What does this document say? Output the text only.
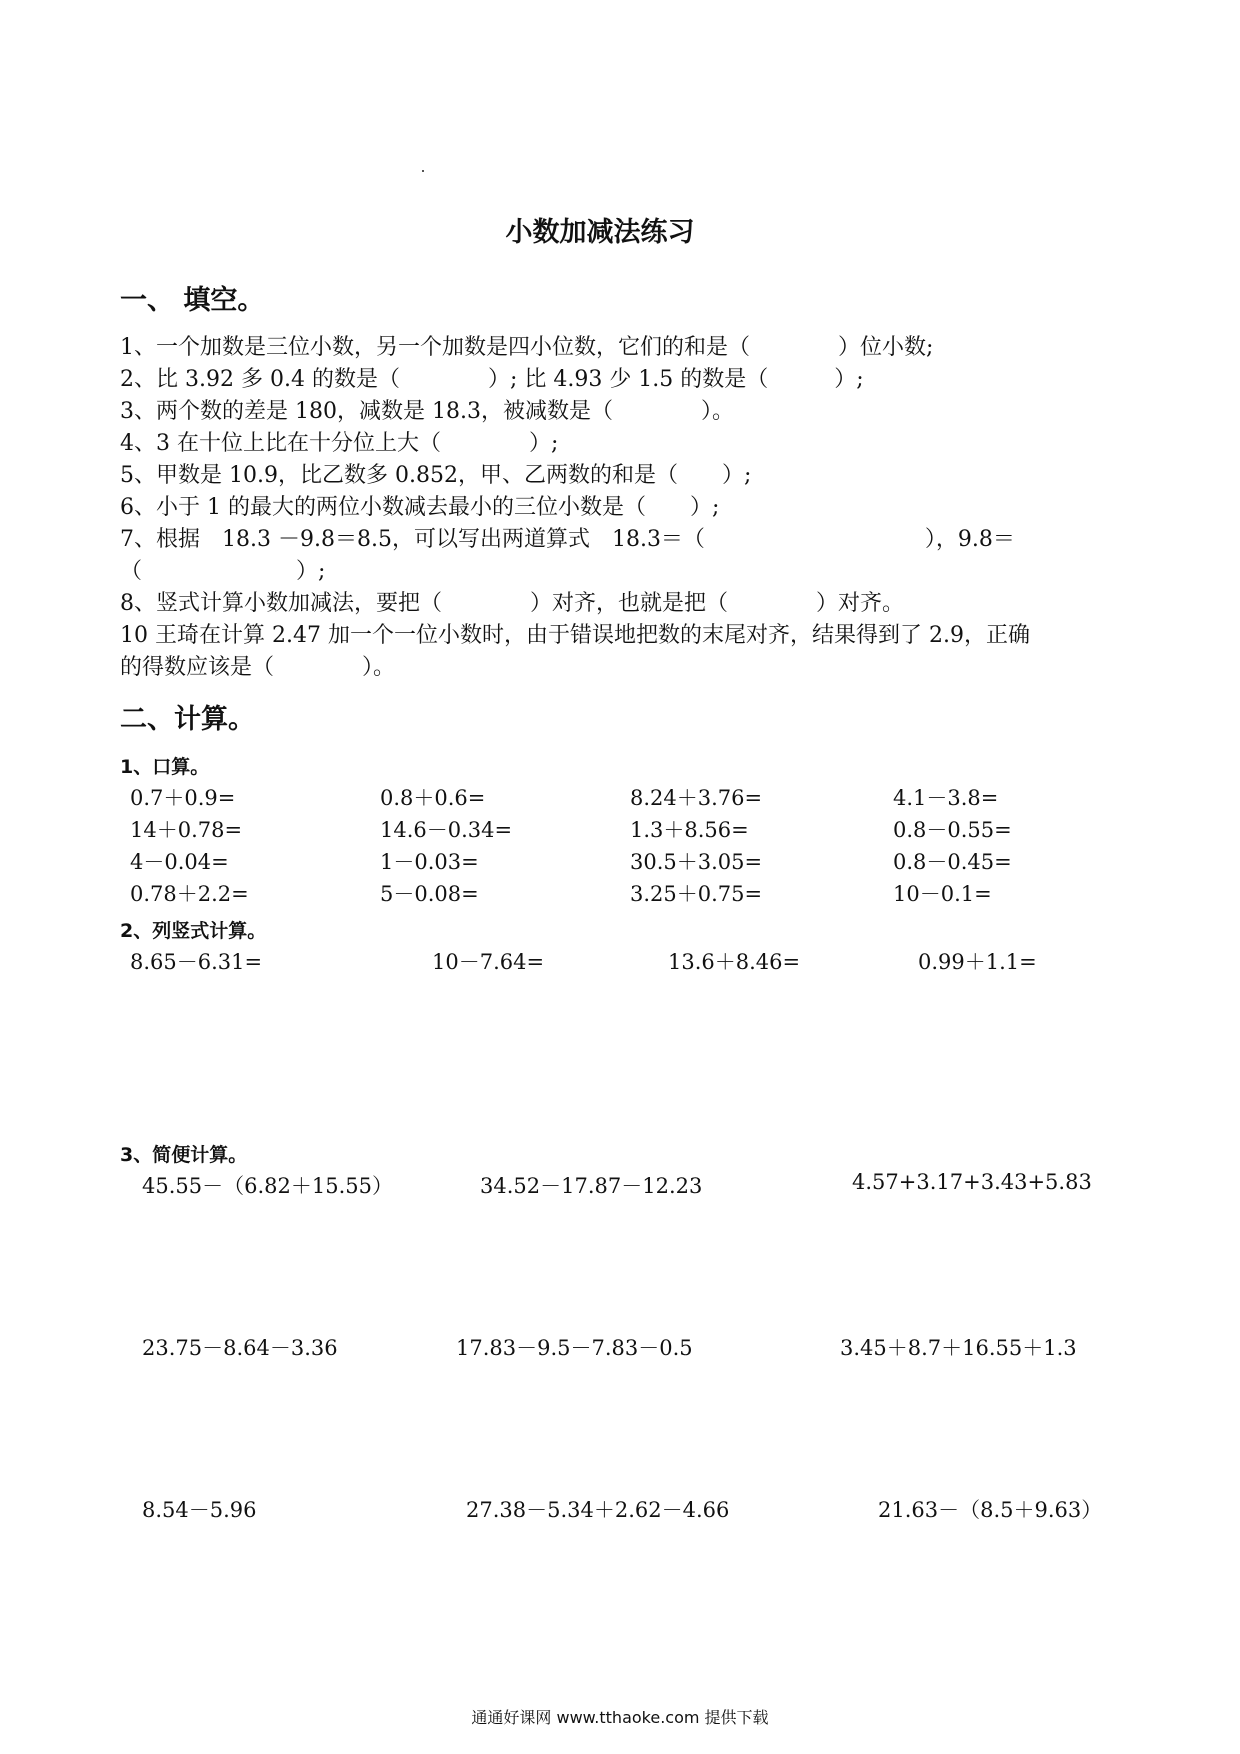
小数加减法练习
一、 填空。
1、一个加数是三位小数，另一个加数是四小位数，它们的和是（　　　　）位小数;
2、比 3.92 多 0.4 的数是（　　　　）; 比 4.93 少 1.5 的数是（　　　）;
3、两个数的差是 180，减数是 18.3，被减数是（　　　　）。
4、3 在十位上比在十分位上大（　　　　）;
5、甲数是 10.9，比乙数多 0.852，甲、乙两数的和是（　　）;
6、小于 1 的最大的两位小数减去最小的三位小数是（　　）;
7、根据　18.3 －9.8＝8.5，可以写出两道算式　18.3＝（　　　　　　　　　　），9.8＝
（　　　　　　　）;
8、竖式计算小数加减法，要把（　　　　）对齐，也就是把（　　　　）对齐。
10 王琦在计算 2.47 加一个一位小数时，由于错误地把数的末尾对齐，结果得到了 2.9，正确
的得数应该是（　　　　）。
二、计算。
1、口算。
0.7＋0.9=	0.8＋0.6=	8.24＋3.76=	4.1－3.8=
14＋0.78=	14.6－0.34=	1.3＋8.56=	0.8－0.55=
4－0.04=	1－0.03=	30.5＋3.05=	0.8－0.45=
0.78＋2.2=	5－0.08=	3.25＋0.75=	10－0.1=
2、列竖式计算。
8.65－6.31=	10－7.64=	13.6＋8.46=	0.99＋1.1=
3、简便计算。
45.55－（6.82＋15.55）	34.52－17.87－12.23	4.57+3.17+3.43+5.83
23.75－8.64－3.36	17.83－9.5－7.83－0.5	3.45＋8.7＋16.55＋1.3
8.54－5.96	27.38－5.34＋2.62－4.66	21.63－（8.5＋9.63）
通通好课网 www.tthaoke.com 提供下载
